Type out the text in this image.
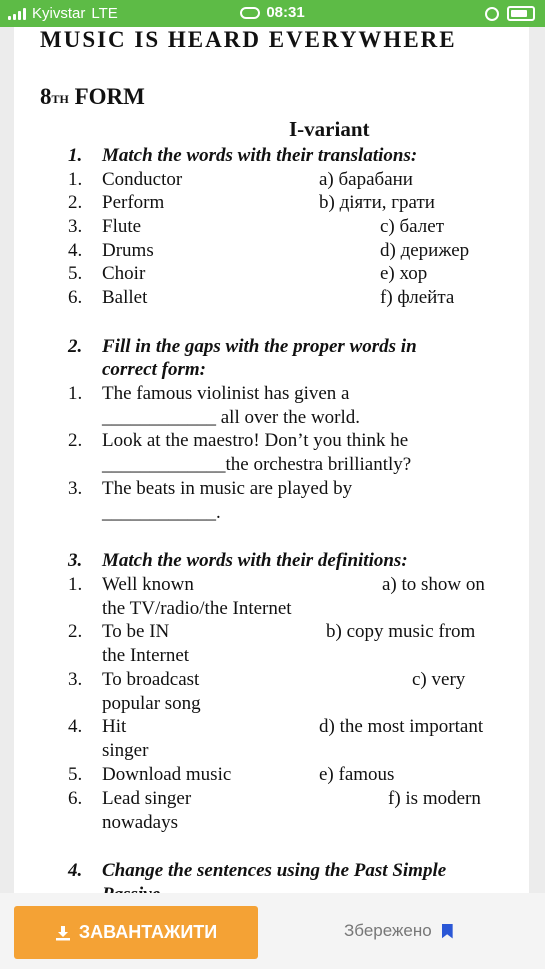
Kyivstar LTE	08:31
MUSIC IS HEARD EVERYWHERE
8TH FORM
I-variant
1. Match the words with their translations:
1. Conductor	a) барабани
2. Perform	b) діяти, грати
3. Flute	c) балет
4. Drums	d) дерижер
5. Choir	e) хор
6. Ballet	f) флейта
2. Fill in the gaps with the proper words in
correct form:
1. The famous violinist has given a
____________ all over the world.
2. Look at the maestro! Don’t you think he
_____________the orchestra brilliantly?
3. The beats in music are played by
____________.
3. Match the words with their definitions:
1. Well known	a) to show on
the TV/radio/the Internet
2. To be IN	b) copy music from
the Internet
3. To broadcast	c) very
popular song
4. Hit	d) the most important
singer
5. Download music	e) famous
6. Lead singer	f) is modern
nowadays
4. Change the sentences using the Past Simple
ЗАВАНТАЖИТИ	Збережено
